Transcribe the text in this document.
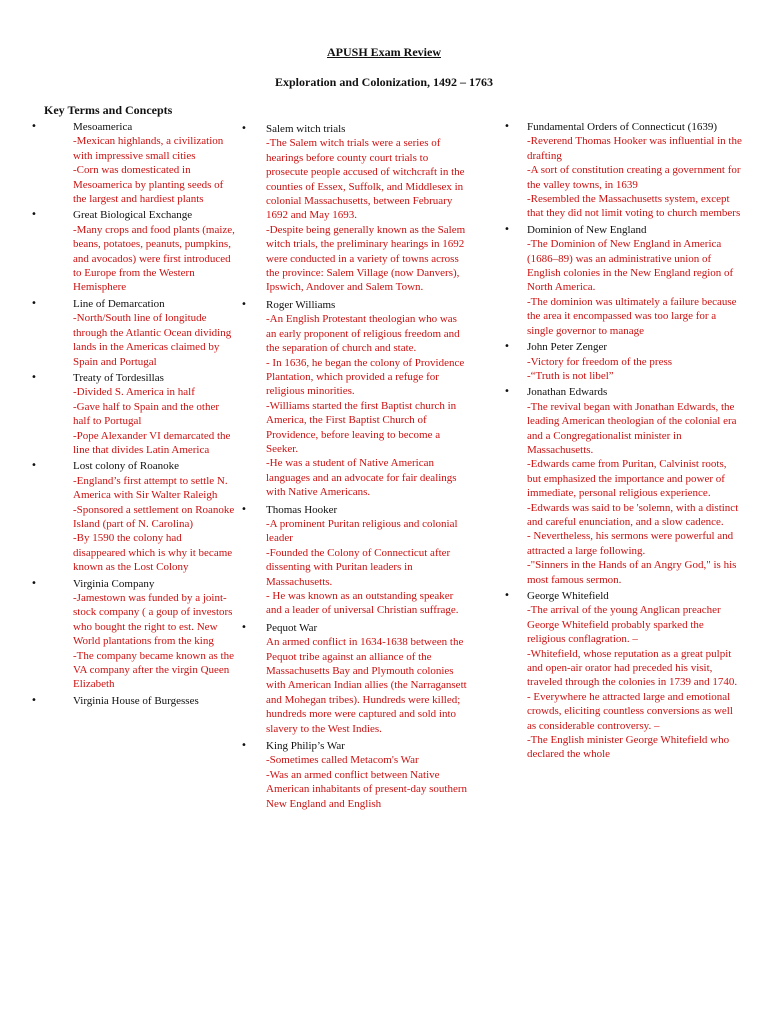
APUSH Exam Review
Exploration and Colonization, 1492 – 1763
Key Terms and Concepts
• Mesoamerica
-Mexican highlands, a civilization with impressive small cities
-Corn was domesticated in Mesoamerica by planting seeds of the largest and hardiest plants
• Great Biological Exchange
-Many crops and food plants (maize, beans, potatoes, peanuts, pumpkins, and avocados) were first introduced to Europe from the Western Hemisphere
• Line of Demarcation
-North/South line of longitude through the Atlantic Ocean dividing lands in the Americas claimed by Spain and Portugal
• Treaty of Tordesillas
-Divided S. America in half
-Gave half to Spain and the other half to Portugal
-Pope Alexander VI demarcated the line that divides Latin America
• Lost colony of Roanoke
-England’s first attempt to settle N. America with Sir Walter Raleigh
-Sponsored a settlement on Roanoke Island (part of N. Carolina)
-By 1590 the colony had disappeared which is why it became known as the Lost Colony
• Virginia Company
-Jamestown was funded by a joint-stock company ( a goup of investors who bought the right to est. New World plantations from the king
-The company became known as the VA company after the virgin Queen Elizabeth
• Virginia House of Burgesses
• Salem witch trials
-The Salem witch trials were a series of hearings before county court trials to prosecute people accused of witchcraft in the counties of Essex, Suffolk, and Middlesex in colonial Massachusetts, between February 1692 and May 1693.
-Despite being generally known as the Salem witch trials, the preliminary hearings in 1692 were conducted in a variety of towns across the province: Salem Village (now Danvers), Ipswich, Andover and Salem Town.
• Roger Williams
-An English Protestant theologian who was an early proponent of religious freedom and the separation of church and state.
- In 1636, he began the colony of Providence Plantation, which provided a refuge for religious minorities.
-Williams started the first Baptist church in America, the First Baptist Church of Providence, before leaving to become a Seeker.
-He was a student of Native American languages and an advocate for fair dealings with Native Americans.
• Thomas Hooker
-A prominent Puritan religious and colonial leader
-Founded the Colony of Connecticut after dissenting with Puritan leaders in Massachusetts.
- He was known as an outstanding speaker and a leader of universal Christian suffrage.
• Pequot War
An armed conflict in 1634-1638 between the Pequot tribe against an alliance of the Massachusetts Bay and Plymouth colonies with American Indian allies (the Narragansett and Mohegan tribes). Hundreds were killed; hundreds more were captured and sold into slavery to the West Indies.
• King Philip’s War
-Sometimes called Metacom's War
-Was an armed conflict between Native American inhabitants of present-day southern New England and English
• Fundamental Orders of Connecticut (1639)
-Reverend Thomas Hooker was influential in the drafting
-A sort of constitution creating a government for the valley towns, in 1639
-Resembled the Massachusetts system, except that they did not limit voting to church members
• Dominion of New England
-The Dominion of New England in America (1686–89) was an administrative union of English colonies in the New England region of North America.
-The dominion was ultimately a failure because the area it encompassed was too large for a single governor to manage
• John Peter Zenger
-Victory for freedom of the press
-“Truth is not libel”
• Jonathan Edwards
-The revival began with Jonathan Edwards, the leading American theologian of the colonial era and a Congregationalist minister in Massachusetts.
-Edwards came from Puritan, Calvinist roots, but emphasized the importance and power of immediate, personal religious experience.
-Edwards was said to be 'solemn, with a distinct and careful enunciation, and a slow cadence.
- Nevertheless, his sermons were powerful and attracted a large following.
-"Sinners in the Hands of an Angry God," is his most famous sermon.
• George Whitefield
-The arrival of the young Anglican preacher George Whitefield probably sparked the religious conflagration. –
-Whitefield, whose reputation as a great pulpit and open-air orator had preceded his visit, traveled through the colonies in 1739 and 1740.
- Everywhere he attracted large and emotional crowds, eliciting countless conversions as well as considerable controversy. –
-The English minister George Whitefield who declared the whole
